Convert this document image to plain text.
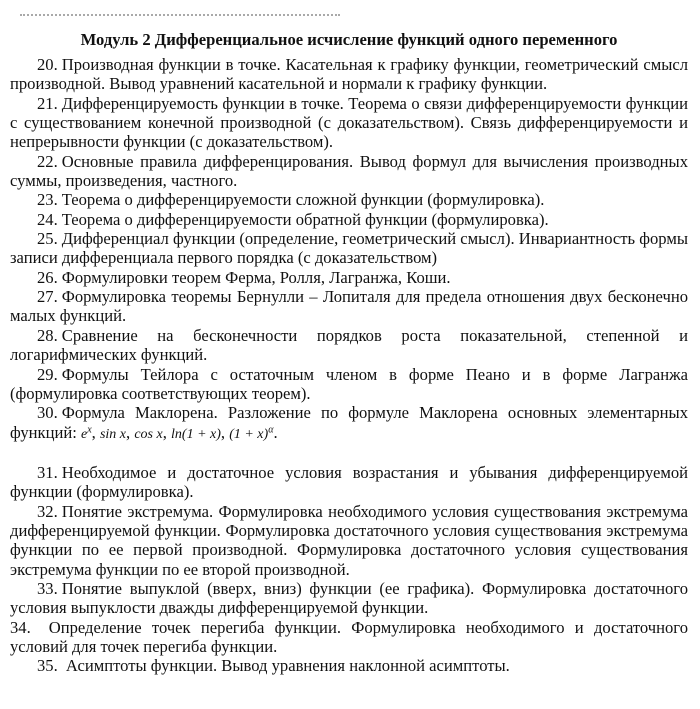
Модуль 2 Дифференциальное исчисление функций одного переменного

20. Производная функции в точке. Касательная к графику функции, геометрический смысл производной. Вывод уравнений касательной и нормали к графику функции.

21. Дифференцируемость функции в точке. Теорема о связи дифференцируемости функции с существованием конечной производной (с доказательством). Связь дифференцируемости и непрерывности функции (с доказательством).

22. Основные правила дифференцирования. Вывод формул для вычисления производных суммы, произведения, частного.

23. Теорема о дифференцируемости сложной функции (формулировка).

24. Теорема о дифференцируемости обратной функции (формулировка).

25. Дифференциал функции (определение, геометрический смысл). Инвариантность формы записи дифференциала первого порядка (с доказательством)

26. Формулировки теорем Ферма, Ролля, Лагранжа, Коши.

27. Формулировка теоремы Бернулли – Лопиталя для предела отношения двух бесконечно малых функций.

28. Сравнение на бесконечности порядков роста показательной, степенной и логарифмических функций.

29. Формулы Тейлора с остаточным членом в форме Пеано и в форме Лагранжа (формулировка соответствующих теорем).

30. Формула Маклорена. Разложение по формуле Маклорена основных элементарных функций: $e^x$, sin x, cos x, ln(1 + x), $(1 + x)^\alpha$.

31. Необходимое и достаточное условия возрастания и убывания дифференцируемой функции (формулировка).

32. Понятие экстремума. Формулировка необходимого условия существования экстремума дифференцируемой функции. Формулировка достаточного условия существования экстремума функции по ее первой производной. Формулировка достаточного условия существования экстремума функции по ее второй производной.

33. Понятие выпуклой (вверх, вниз) функции (ее графика). Формулировка достаточного условия выпуклости дважды дифференцируемой функции.

34. Определение точек перегиба функции. Формулировка необходимого и достаточного условий для точек перегиба функции.

35. Асимптоты функции. Вывод уравнения наклонной асимптоты.
